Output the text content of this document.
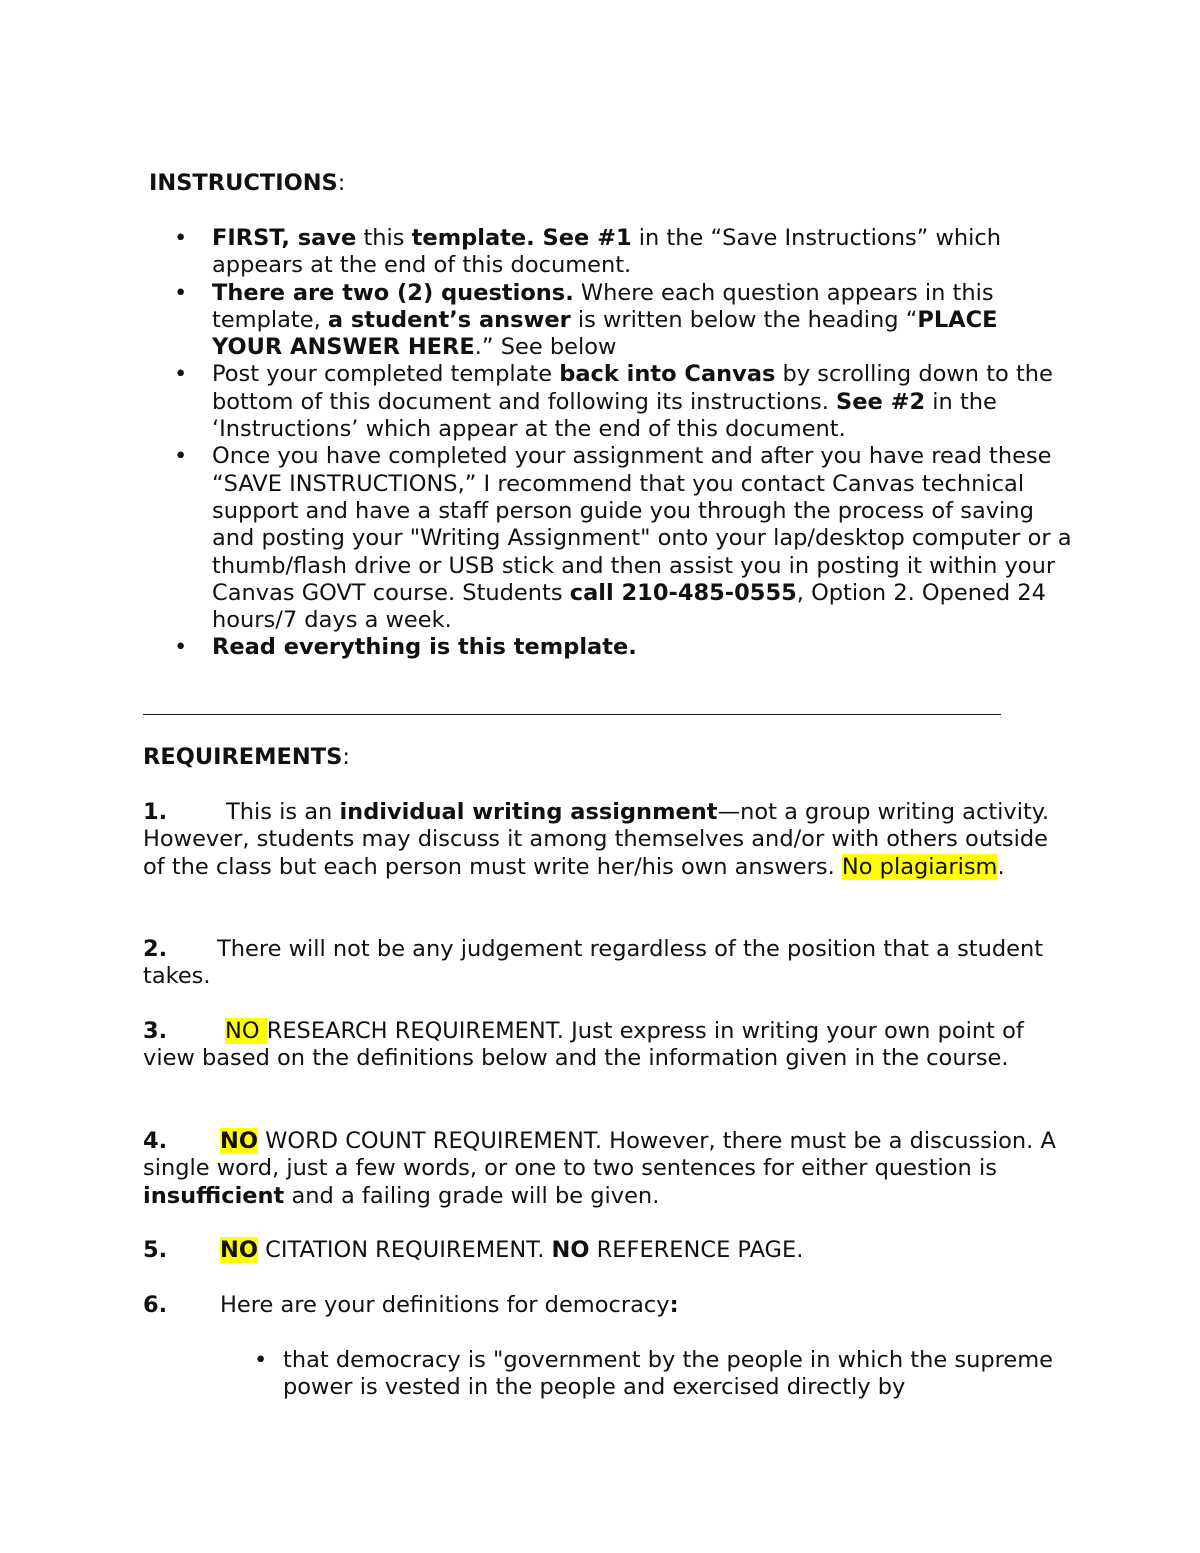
INSTRUCTIONS:
• FIRST, save this template. See #1 in the “Save Instructions” which appears at the end of this document.
• There are two (2) questions. Where each question appears in this template, a student’s answer is written below the heading “PLACE YOUR ANSWER HERE.” See below
• Post your completed template back into Canvas by scrolling down to the bottom of this document and following its instructions. See #2 in the ‘Instructions’ which appear at the end of this document.
• Once you have completed your assignment and after you have read these “SAVE INSTRUCTIONS,” I recommend that you contact Canvas technical support and have a staff person guide you through the process of saving and posting your "Writing Assignment" onto your lap/desktop computer or a thumb/flash drive or USB stick and then assist you in posting it within your Canvas GOVT course. Students call 210-485-0555, Option 2. Opened 24 hours/7 days a week.
• Read everything is this template.
REQUIREMENTS:
1.	This is an individual writing assignment—not a group writing activity. However, students may discuss it among themselves and/or with others outside of the class but each person must write her/his own answers. No plagiarism.
2. There will not be any judgement regardless of the position that a student takes.
3.	NO RESEARCH REQUIREMENT. Just express in writing your own point of view based on the definitions below and the information given in the course.
4. NO WORD COUNT REQUIREMENT. However, there must be a discussion. A single word, just a few words, or one to two sentences for either question is insufficient and a failing grade will be given.
5. NO CITATION REQUIREMENT. NO REFERENCE PAGE.
6. Here are your definitions for democracy:
• that democracy is "government by the people in which the supreme power is vested in the people and exercised directly by
